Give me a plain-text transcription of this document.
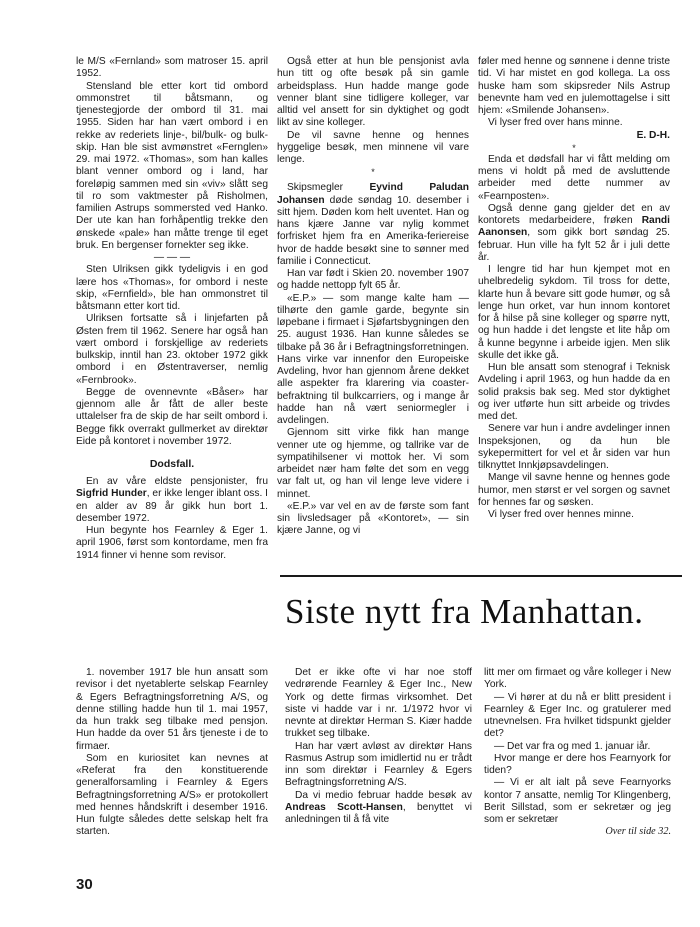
le M/S «Fernland» som matroser 15. april 1952.

Stensland ble etter kort tid ombord ommonstret til båtsmann, og tjenestegjorde der ombord til 31. mai 1955. Siden har han vært ombord i en rekke av rederiets linje-, bil/bulk- og bulk-skip. Han ble sist avmønstret «Fernglen» 29. mai 1972. «Thomas», som han kalles blant venner ombord og i land, har foreløpig sammen med sin «viv» slått seg til ro som vaktmester på Risholmen, familien Astrups sommersted ved Hanko. Der ute kan han forhåpentlig trekke den ønskede «pale» han måtte trenge til eget bruk. En bergenser fornekter seg ikke.

— — —

Sten Ulriksen gikk tydeligvis i en god lære hos «Thomas», for ombord i neste skip, «Fernfield», ble han ommonstret til båtsmann etter kort tid.

Ulriksen fortsatte så i linjefarten på Østen frem til 1962. Senere har også han vært ombord i forskjellige av rederiets bulkskip, inntil han 23. oktober 1972 gikk ombord i en Østentraverser, nemlig «Fernbrook».

Begge de ovennevnte «Båser» har gjennom alle år fått de aller beste uttalelser fra de skip de har seilt ombord i. Begge fikk overrakt gullmerket av direktør Eide på kontoret i november 1972.

Dodsfall.

En av våre eldste pensjonister, fru Sigfrid Hunder, er ikke lenger iblant oss. I en alder av 89 år gikk hun bort 1. desember 1972.

Hun begynte hos Fearnley & Eger 1. april 1906, først som kontordame, men fra 1914 finner vi henne som revisor.

Også etter at hun ble pensjonist avla hun titt og ofte besøk på sin gamle arbeidsplass. Hun hadde mange gode venner blant sine tidligere kolleger, var alltid vel ansett for sin dyktighet og godt likt av sine kolleger.

De vil savne henne og hennes hyggelige besøk, men minnene vil vare lenge.

*

Skipsmegler Eyvind Paludan Johansen døde søndag 10. desember i sitt hjem. Døden kom helt uventet. Han og hans kjære Janne var nylig kommet forfrisket hjem fra en Amerika-feriereise hvor de hadde besøkt sine to sønner med familie i Connecticut.

Han var født i Skien 20. november 1907 og hadde nettopp fylt 65 år.

«E.P.» — som mange kalte ham — tilhørte den gamle garde, begynte sin løpebane i firmaet i Sjøfartsbygningen den 25. august 1936. Han kunne således se tilbake på 36 år i Befragtningsforretningen. Hans virke var innenfor den Europeiske Avdeling, hvor han gjennom årene dekket alle aspekter fra klarering via coaster-befraktning til bulkcarriers, og i mange år hadde han nå vært seniormegler i avdelingen.

Gjennom sitt virke fikk han mange venner ute og hjemme, og tallrike var de sympatihilsener vi mottok her. Vi som arbeidet nær ham følte det som en vegg var falt ut, og han vil lenge leve videre i minnet.

«E.P.» var vel en av de første som fant sin livsledsager på «Kontoret», — sin kjære Janne, og vi

føler med henne og sønnene i denne triste tid. Vi har mistet en god kollega. La oss huske ham som skipsreder Nils Astrup benevnte ham ved en julemottagelse i sitt hjem: «Smilende Johansen».

Vi lyser fred over hans minne.

E. D-H.

*

Enda et dødsfall har vi fått melding om mens vi holdt på med de avsluttende arbeider med dette nummer av «Fearnposten».

Også denne gang gjelder det en av kontorets medarbeidere, frøken Randi Aanonsen, som gikk bort søndag 25. februar. Hun ville ha fylt 52 år i juli dette år.

I lengre tid har hun kjempet mot en uhelbredelig sykdom. Til tross for dette, klarte hun å bevare sitt gode humør, og så lenge hun orket, var hun innom kontoret for å hilse på sine kolleger og spørre nytt, og hun hadde i det lengste et lite håp om å kunne begynne i arbeide igjen. Men slik skulle det ikke gå.

Hun ble ansatt som stenograf i Teknisk Avdeling i april 1963, og hun hadde da en solid praksis bak seg. Med stor dyktighet og iver utførte hun sitt arbeide og trivdes med det.

Senere var hun i andre avdelinger innen Inspeksjonen, og da hun ble sykepermittert for vel et år siden var hun tilknyttet Innkjøpsavdelingen.

Mange vil savne henne og hennes gode humor, men størst er vel sorgen og savnet for hennes far og søsken.

Vi lyser fred over hennes minne.

Siste nytt fra Manhattan.

1. november 1917 ble hun ansatt som revisor i det nyetablerte selskap Fearnley & Egers Befragtningsforretning A/S, og denne stilling hadde hun til 1. mai 1957, da hun trakk seg tilbake med pensjon. Hun hadde da over 51 års tjeneste i de to firmaer.

Som en kuriositet kan nevnes at «Referat fra den konstituerende generalforsamling i Fearnley & Egers Befragtningsforretning A/S» er protokollert med hennes håndskrift i desember 1916. Hun fulgte således dette selskap helt fra starten.

Det er ikke ofte vi har noe stoff vedrørende Fearnley & Eger Inc., New York og dette firmas virksomhet. Det siste vi hadde var i nr. 1/1972 hvor vi nevnte at direktør Herman S. Kiær hadde trukket seg tilbake.

Han har vært avløst av direktør Hans Rasmus Astrup som imidlertid nu er trådt inn som direktør i Fearnley & Egers Befragtningsforretning A/S.

Da vi medio februar hadde besøk av Andreas Scott-Hansen, benyttet vi anledningen til å få vite

litt mer om firmaet og våre kolleger i New York.

— Vi hører at du nå er blitt president i Fearnley & Eger Inc. og gratulerer med utnevnelsen. Fra hvilket tidspunkt gjelder det?

— Det var fra og med 1. januar iår.

Hvor mange er dere hos Fearnyork for tiden?

— Vi er alt ialt på seve Fearnyorks kontor 7 ansatte, nemlig Tor Klingenberg, Berit Sillstad, som er sekretær og jeg som er sekretær

Over til side 32.

30
